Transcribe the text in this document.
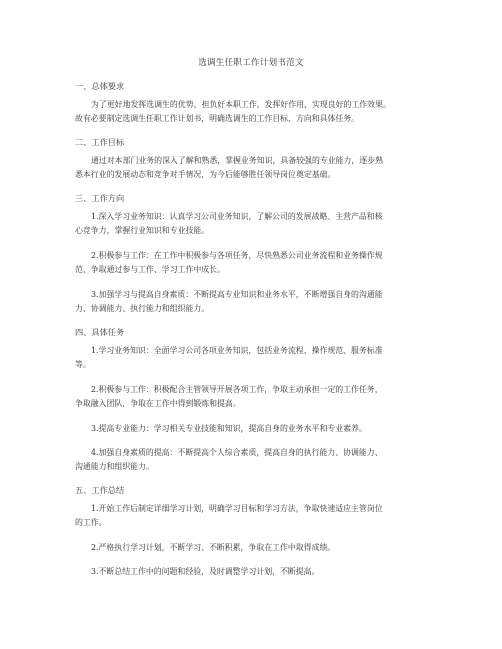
选调生任职工作计划书范文
一、总体要求
为了更好地发挥选调生的优势，担负好本职工作，发挥好作用，实现良好的工作效果。
故有必要制定选调生任职工作计划书，明确选调生的工作目标、方向和具体任务。
二、工作目标
通过对本部门业务的深入了解和熟悉，掌握业务知识，具备较强的专业能力，逐步熟
悉本行业的发展动态和竞争对手情况，为今后能够胜任领导岗位奠定基础。
三、工作方向
1.深入学习业务知识：认真学习公司业务知识，了解公司的发展战略、主营产品和核
心竞争力，掌握行业知识和专业技能。
2.积极参与工作：在工作中积极参与各项任务，尽快熟悉公司业务流程和业务操作规
范，争取通过参与工作、学习工作中成长。
3.加强学习与提高自身素质：不断提高专业知识和业务水平，不断增强自身的沟通能
力、协调能力、执行能力和组织能力。
四、具体任务
1.学习业务知识：全面学习公司各项业务知识，包括业务流程、操作规范、服务标准
等。
2.积极参与工作：积极配合主管领导开展各项工作，争取主动承担一定的工作任务，
争取融入团队，争取在工作中得到锻炼和提高。
3.提高专业能力：学习相关专业技能和知识，提高自身的业务水平和专业素养。
4.加强自身素质的提高：不断提高个人综合素质，提高自身的执行能力、协调能力、
沟通能力和组织能力。
五、工作总结
1.开始工作后制定详细学习计划，明确学习目标和学习方法，争取快速适应主管岗位
的工作。
2.严格执行学习计划，不断学习、不断积累，争取在工作中取得成绩。
3.不断总结工作中的问题和经验，及时调整学习计划，不断提高。
